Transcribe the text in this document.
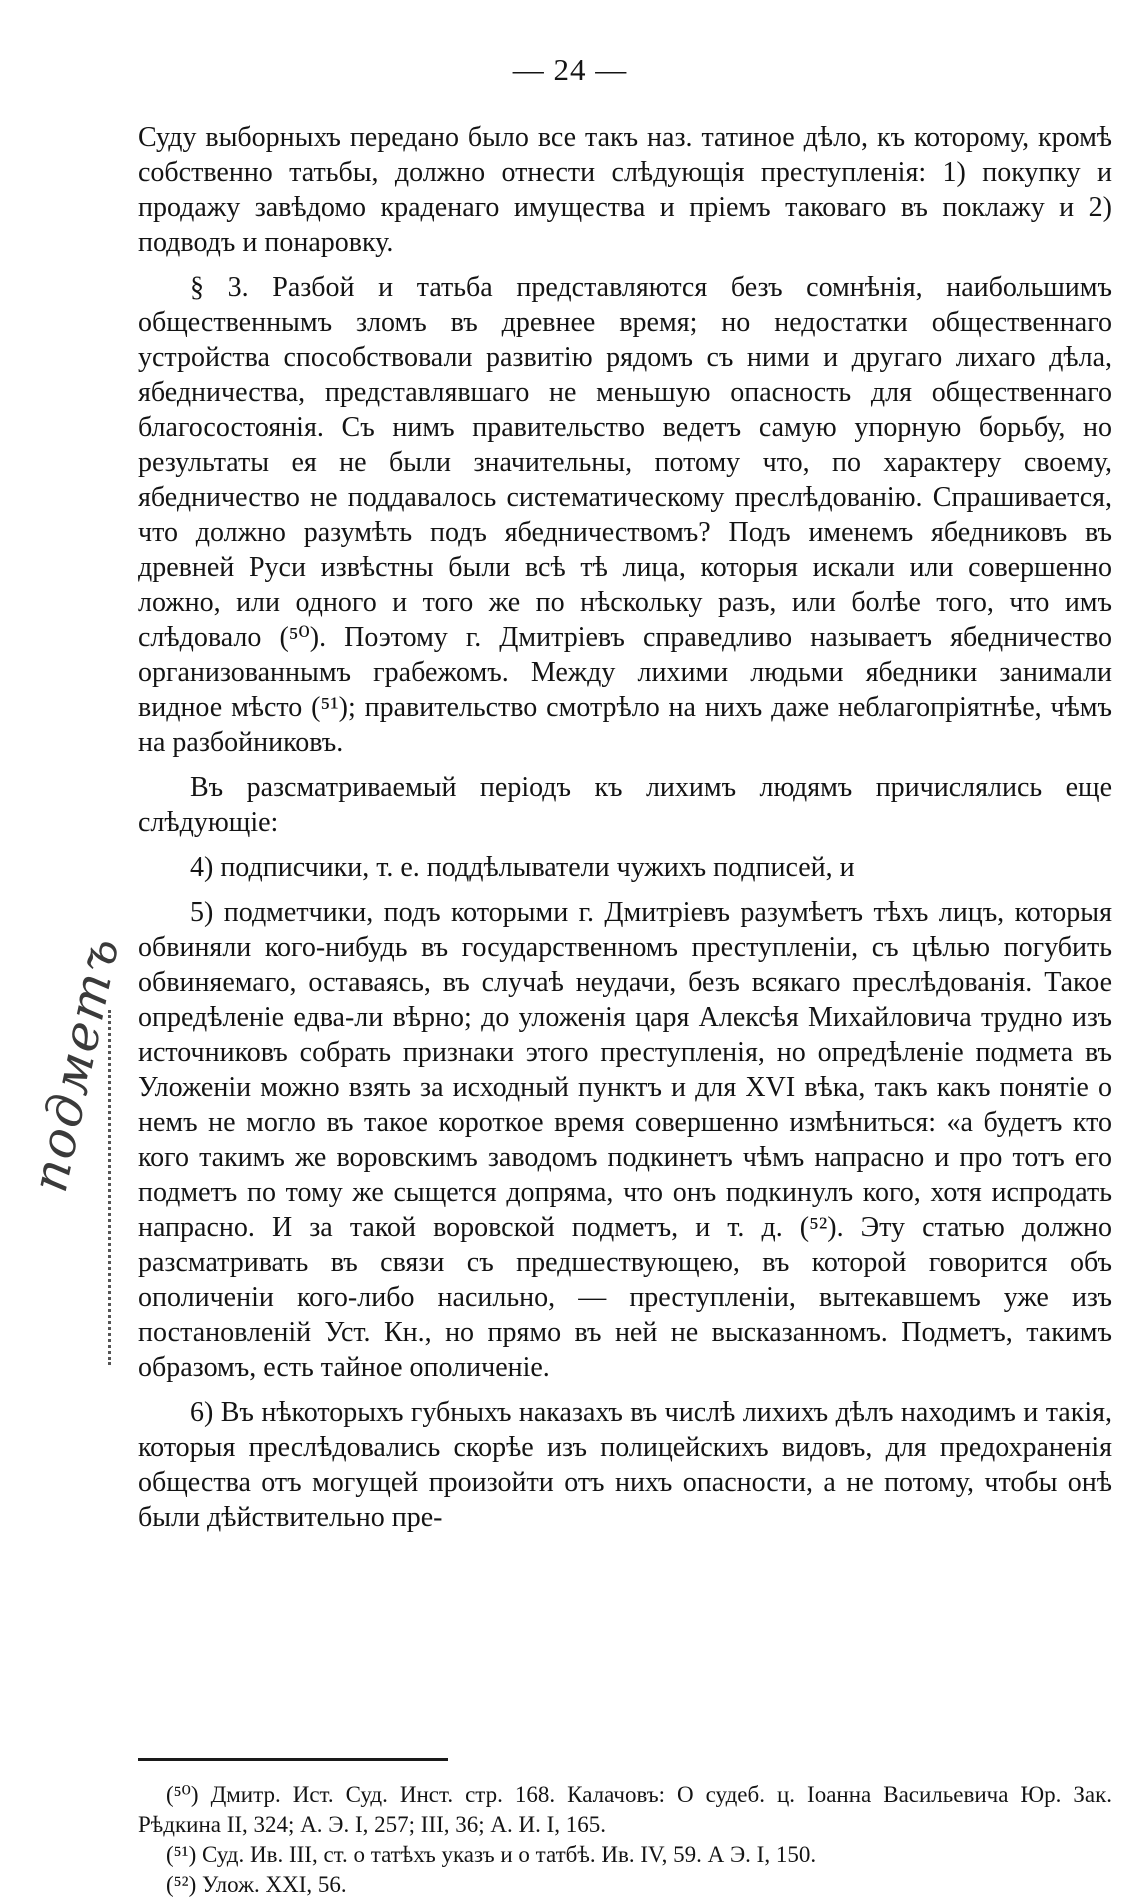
— 24 —

Суду выборныхъ передано было все такъ наз. татиное дѣло, къ которому, кромѣ собственно татьбы, должно отнести слѣдующія преступленія: 1) покупку и продажу завѣдомо краденаго имущества и пріемъ таковаго въ поклажу и 2) подводъ и понаровку.

§ 3. Разбой и татьба представляются безъ сомнѣнія, наибольшимъ общественнымъ зломъ въ древнее время; но недостатки общественнаго устройства способствовали развитію рядомъ съ ними и другаго лихаго дѣла, ябедничества, представлявшаго не меньшую опасность для общественнаго благосостоянія. Съ нимъ правительство ведетъ самую упорную борьбу, но результаты ея не были значительны, потому что, по характеру своему, ябедничество не поддавалось систематическому преслѣдованію. Спрашивается, что должно разумѣть подъ ябедничествомъ? Подъ именемъ ябедниковъ въ древней Руси извѣстны были всѣ тѣ лица, которыя искали или совершенно ложно, или одного и того же по нѣскольку разъ, или болѣе того, что имъ слѣдовало (⁵⁰). Поэтому г. Дмитріевъ справедливо называетъ ябедничество организованнымъ грабежомъ. Между лихими людьми ябедники занимали видное мѣсто (⁵¹); правительство смотрѣло на нихъ даже неблагопріятнѣе, чѣмъ на разбойниковъ.

Въ разсматриваемый періодъ къ лихимъ людямъ причислялись еще слѣдующіе:

4) подписчики, т. е. поддѣлыватели чужихъ подписей, и

5) подметчики, подъ которыми г. Дмитріевъ разумѣетъ тѣхъ лицъ, которыя обвиняли кого-нибудь въ государственномъ преступленіи, съ цѣлью погубить обвиняемаго, оставаясь, въ случаѣ неудачи, безъ всякаго преслѣдованія. Такое опредѣленіе едва-ли вѣрно; до уложенія царя Алексѣя Михайловича трудно изъ источниковъ собрать признаки этого преступленія, но опредѣленіе подмета въ Уложеніи можно взять за исходный пунктъ и для XVI вѣка, такъ какъ понятіе о немъ не могло въ такое короткое время совершенно измѣниться: «а будетъ кто кого такимъ же воровскимъ заводомъ подкинетъ чѣмъ напрасно и про тотъ его подметъ по тому же сыщется допряма, что онъ подкинулъ кого, хотя испродать напрасно. И за такой воровской подметъ, и т. д. (⁵²). Эту статью должно разсматривать въ связи съ предшествующею, въ которой говорится объ ополиченіи кого-либо насильно, — преступленіи, вытекавшемъ уже изъ постановленій Уст. Кн., но прямо въ ней не высказанномъ. Подметъ, такимъ образомъ, есть тайное ополиченіе.

6) Въ нѣкоторыхъ губныхъ наказахъ въ числѣ лихихъ дѣлъ находимъ и такія, которыя преслѣдовались скорѣе изъ полицейскихъ видовъ, для предохраненія общества отъ могущей произойти отъ нихъ опасности, а не потому, чтобы онѣ были дѣйствительно пре-

подметъ

(⁵⁰) Дмитр. Ист. Суд. Инст. стр. 168. Калачовъ: О судеб. ц. Іоанна Васильевича Юр. Зак. Рѣдкина II, 324; А. Э. I, 257; III, 36; А. И. I, 165.

(⁵¹) Суд. Ив. III, ст. о татѣхъ указъ и о татбѣ. Ив. IV, 59. А Э. I, 150.

(⁵²) Улож. XXI, 56.
